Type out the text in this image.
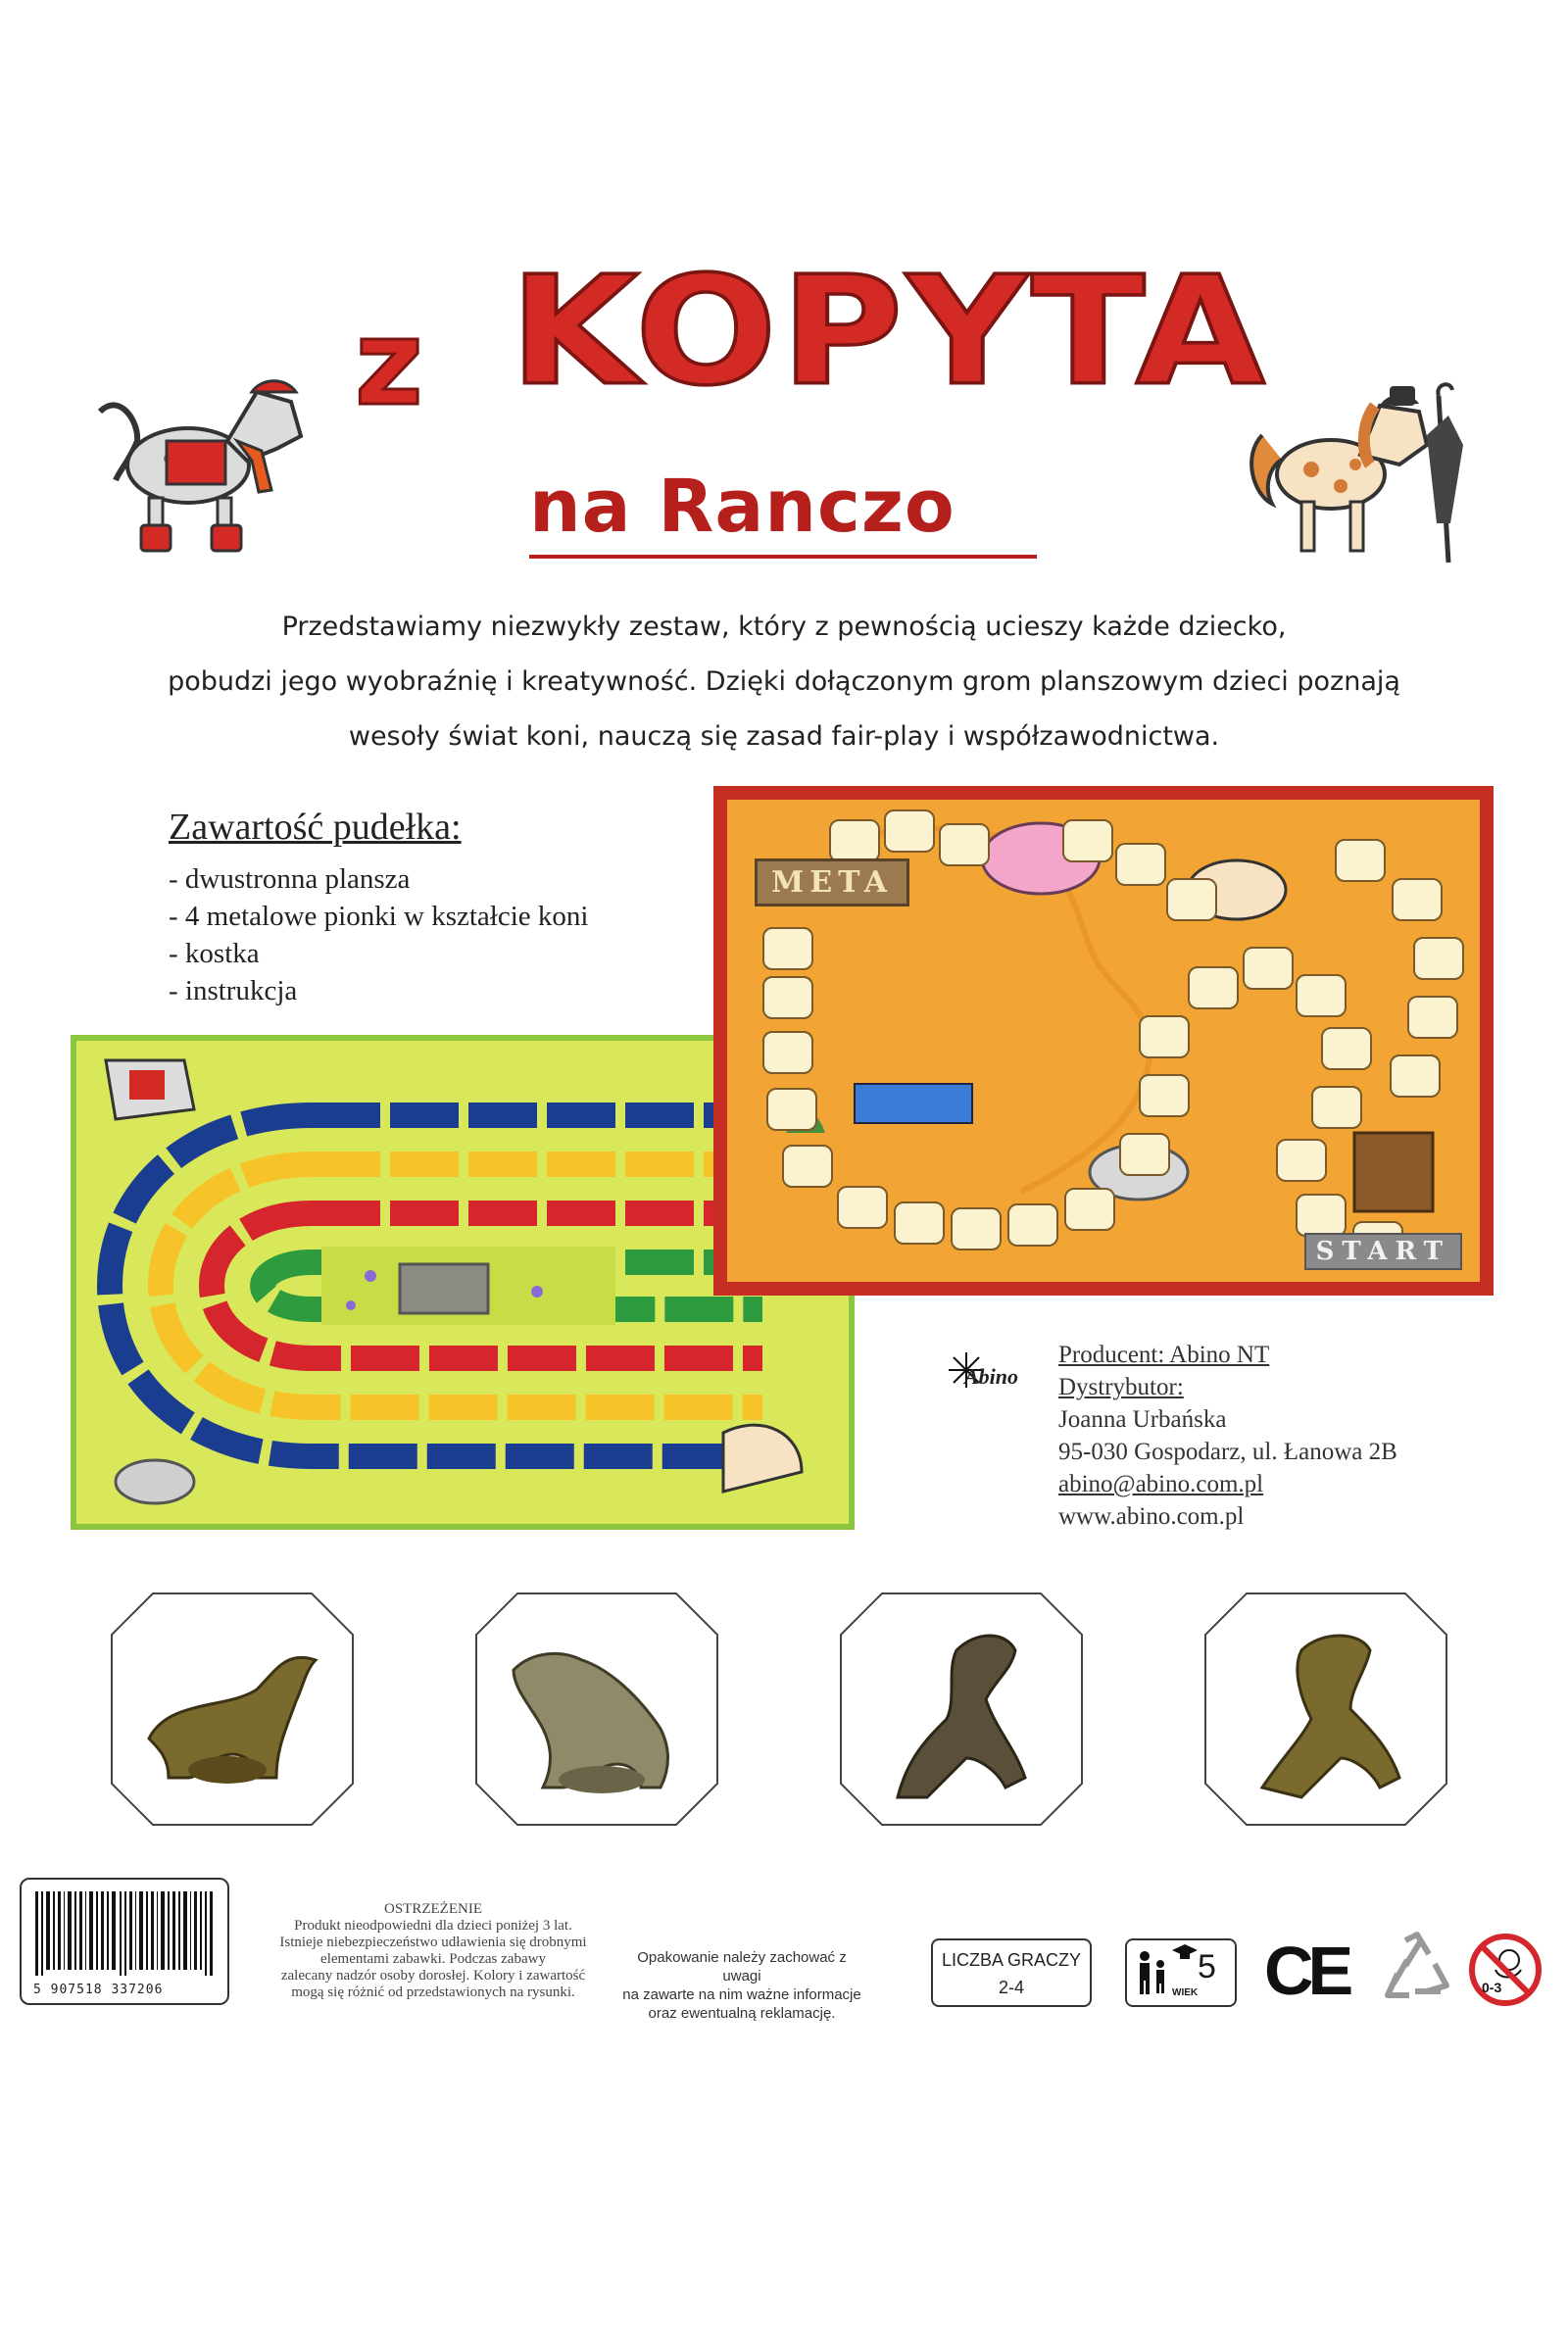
z KOPYTA
na Ranczo
Przedstawiamy niezwykły zestaw, który z pewnością ucieszy każde dziecko,
pobudzi jego wyobraźnię i kreatywność. Dzięki dołączonym grom planszowym dzieci poznają
wesoły świat koni, nauczą się zasad fair-play i współzawodnictwa.
Zawartość pudełka:
- dwustronna plansza
- 4 metalowe pionki w kształcie koni
- kostka
- instrukcja
META
START
Abino
Producent: Abino NT
Dystrybutor:
Joanna Urbańska
95-030 Gospodarz, ul. Łanowa 2B
abino@abino.com.pl
www.abino.com.pl
5 907518 337206
OSTRZEŻENIE
Produkt nieodpowiedni dla dzieci poniżej 3 lat.
Istnieje niebezpieczeństwo udławienia się drobnymi
elementami zabawki. Podczas zabawy
zalecany nadzór osoby dorosłej. Kolory i zawartość
mogą się różnić od przedstawionych na rysunki.
Opakowanie należy zachować z uwagi
na zawarte na nim ważne informacje
oraz ewentualną reklamację.
LICZBA GRACZY
2-4	WIEK
5 CE	0-3
